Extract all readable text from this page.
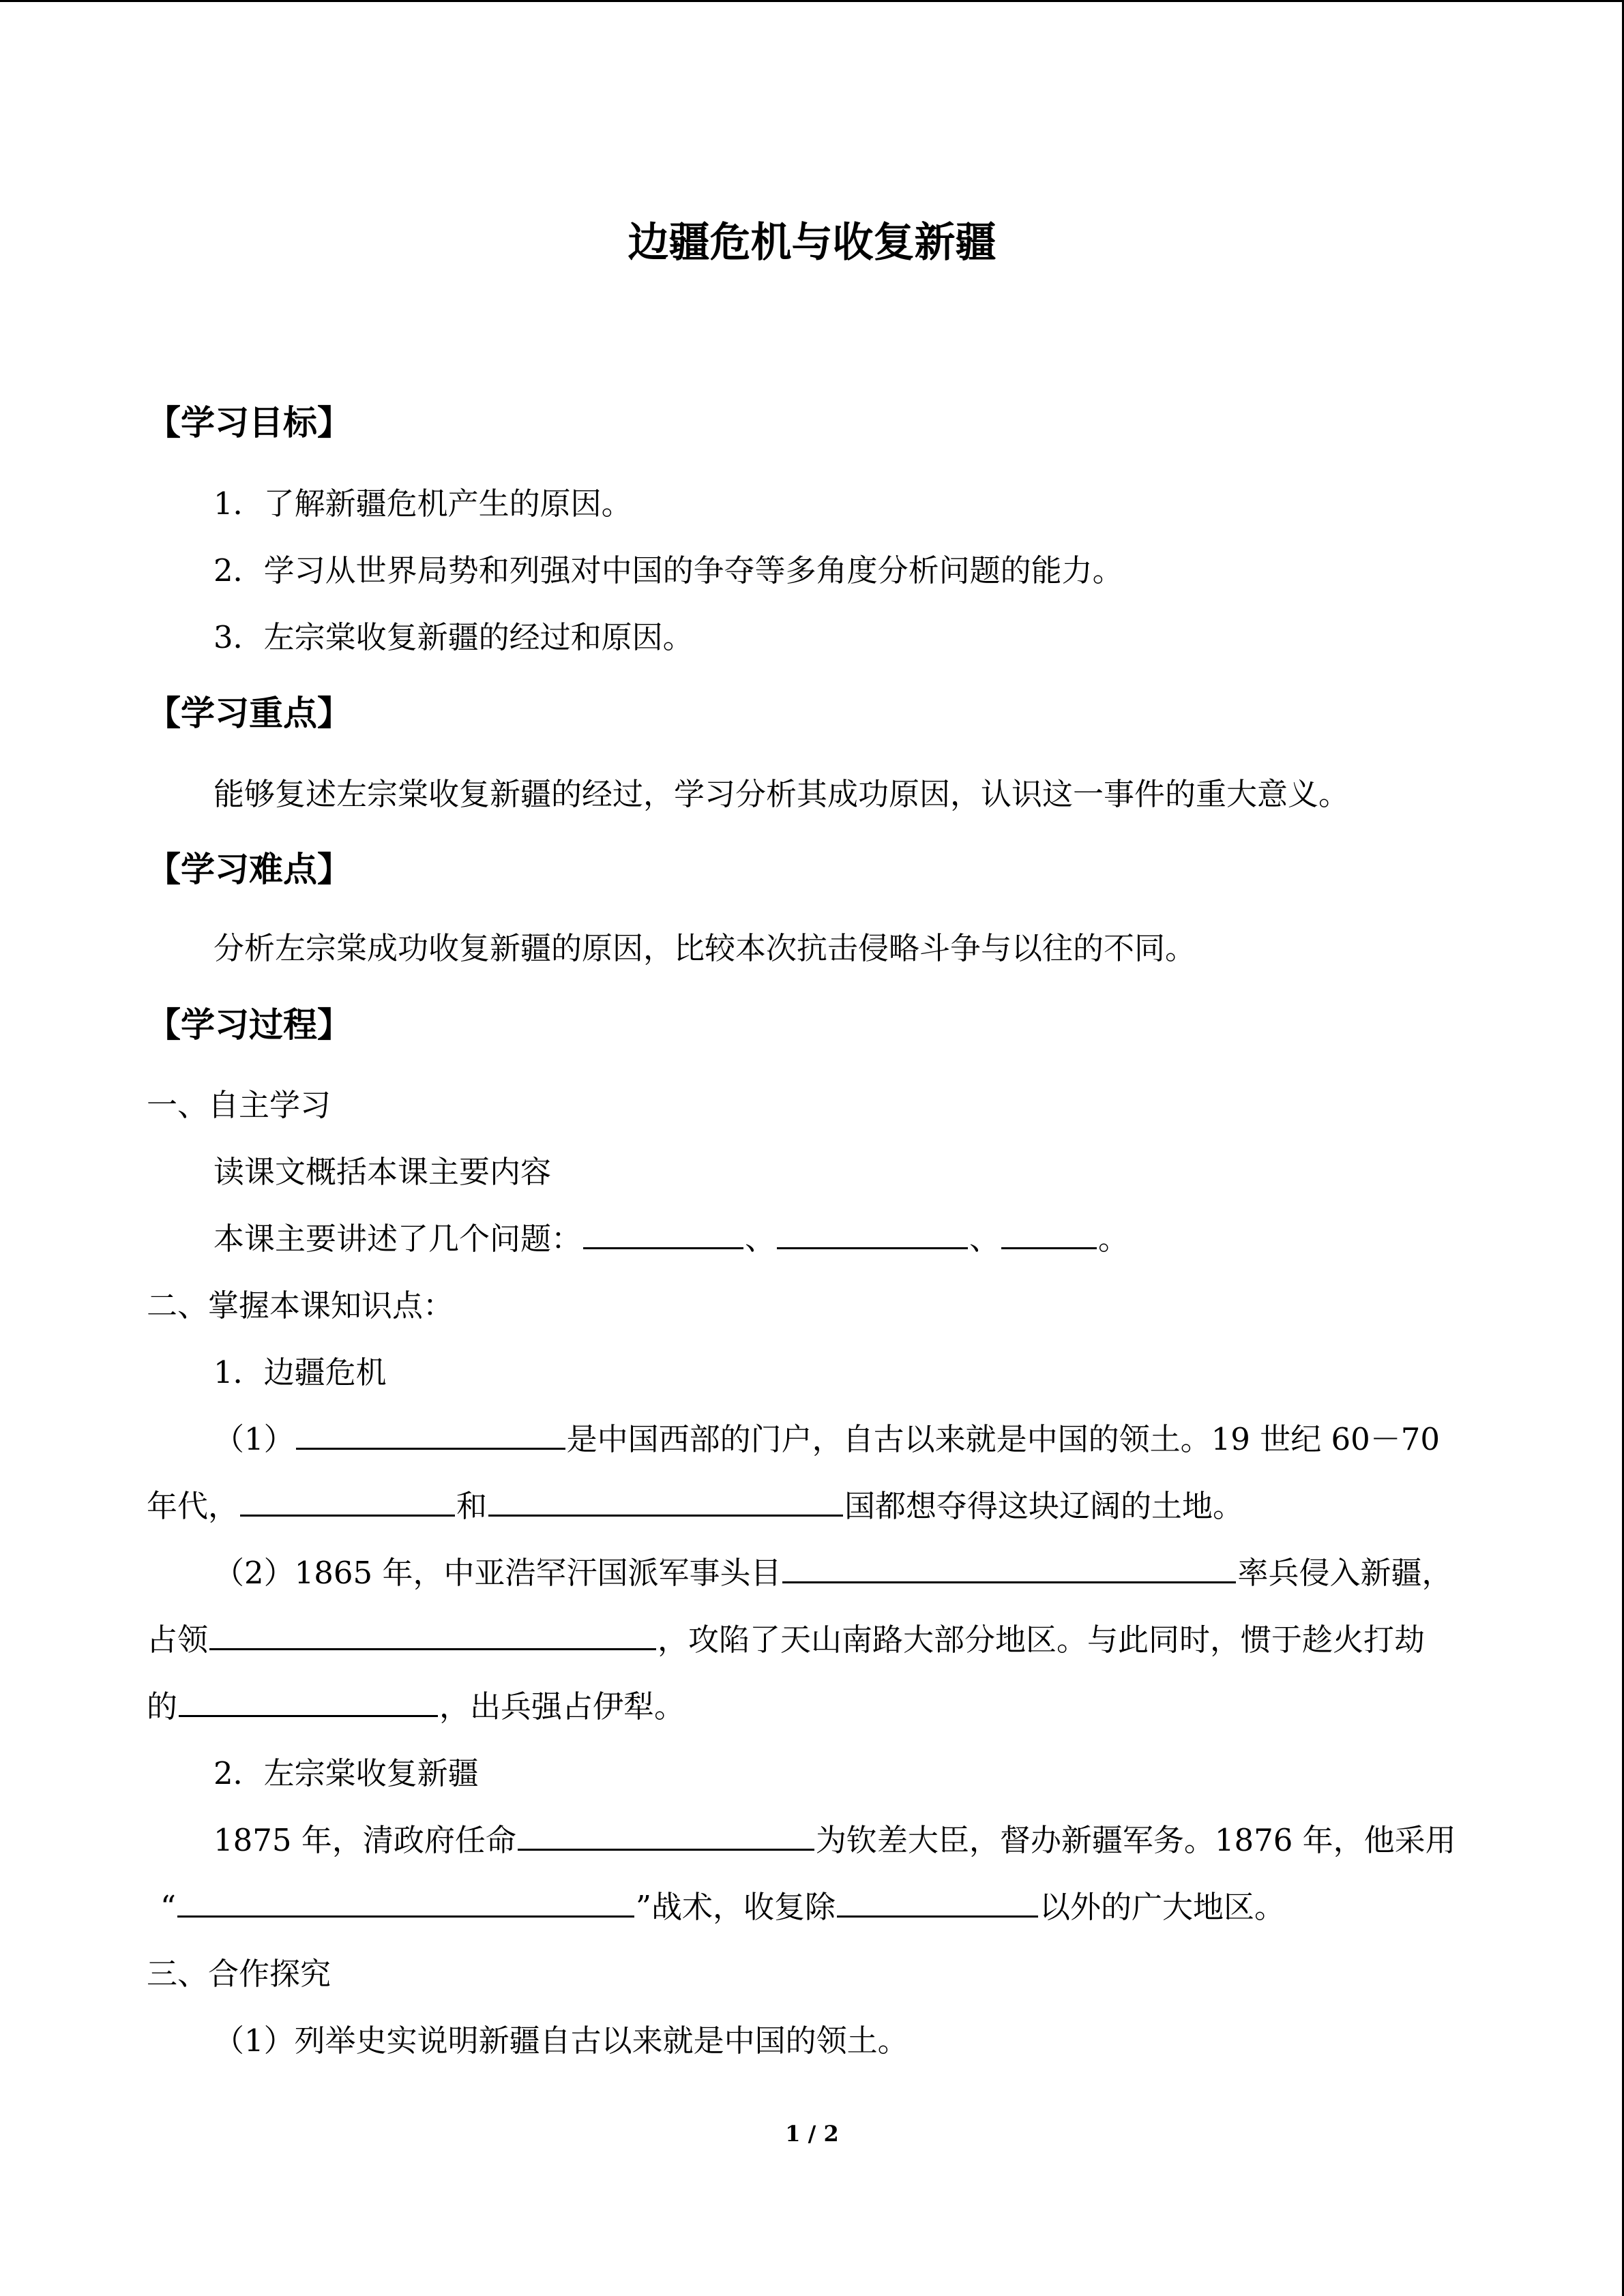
边疆危机与收复新疆
【学习目标】
1．了解新疆危机产生的原因。
2．学习从世界局势和列强对中国的争夺等多角度分析问题的能力。
3．左宗棠收复新疆的经过和原因。
【学习重点】
能够复述左宗棠收复新疆的经过，学习分析其成功原因，认识这一事件的重大意义。
【学习难点】
分析左宗棠成功收复新疆的原因，比较本次抗击侵略斗争与以往的不同。
【学习过程】
一、自主学习
读课文概括本课主要内容
本课主要讲述了几个问题：	、	、	。
二、掌握本课知识点：
1．边疆危机
（1）	是中国西部的门户，自古以来就是中国的领土。19 世纪 60－70
年代，	和	国都想夺得这块辽阔的土地。
（2）1865 年，中亚浩罕汗国派军事头目	率兵侵入新疆，
占领	，攻陷了天山南路大部分地区。与此同时，惯于趁火打劫
的	，出兵强占伊犁。
2．左宗棠收复新疆
1875 年，清政府任命	为钦差大臣，督办新疆军务。1876 年，他采用
“	”战术，收复除	以外的广大地区。
三、合作探究
（1）列举史实说明新疆自古以来就是中国的领土。
1 / 2
